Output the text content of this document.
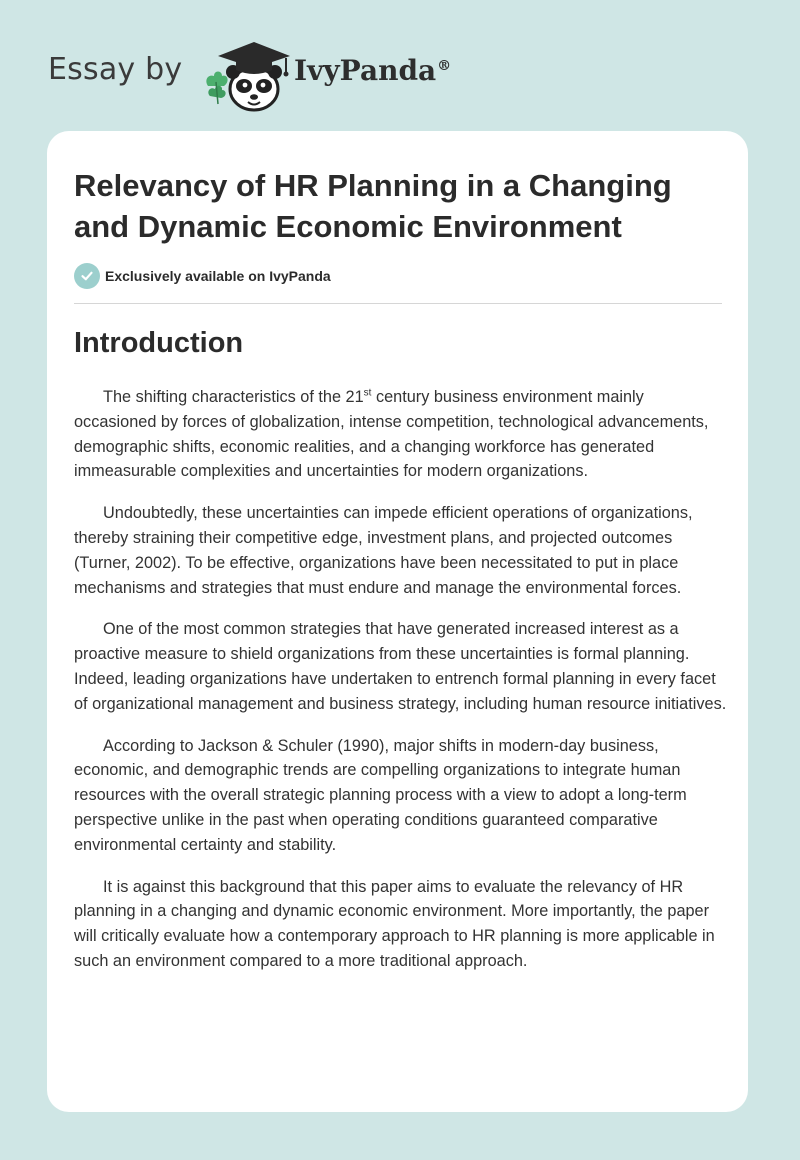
Essay by	IvyPanda®
Relevancy of HR Planning in a Changing and Dynamic Economic Environment
Exclusively available on IvyPanda
Introduction

The shifting characteristics of the 21st century business environment mainly occasioned by forces of globalization, intense competition, technological advancements, demographic shifts, economic realities, and a changing workforce has generated immeasurable complexities and uncertainties for modern organizations.

Undoubtedly, these uncertainties can impede efficient operations of organizations, thereby straining their competitive edge, investment plans, and projected outcomes (Turner, 2002). To be effective, organizations have been necessitated to put in place mechanisms and strategies that must endure and manage the environmental forces.

One of the most common strategies that have generated increased interest as a proactive measure to shield organizations from these uncertainties is formal planning. Indeed, leading organizations have undertaken to entrench formal planning in every facet of organizational management and business strategy, including human resource initiatives.

According to Jackson & Schuler (1990), major shifts in modern-day business, economic, and demographic trends are compelling organizations to integrate human resources with the overall strategic planning process with a view to adopt a long-term perspective unlike in the past when operating conditions guaranteed comparative environmental certainty and stability.

It is against this background that this paper aims to evaluate the relevancy of HR planning in a changing and dynamic economic environment. More importantly, the paper will critically evaluate how a contemporary approach to HR planning is more applicable in such an environment compared to a more traditional approach.
